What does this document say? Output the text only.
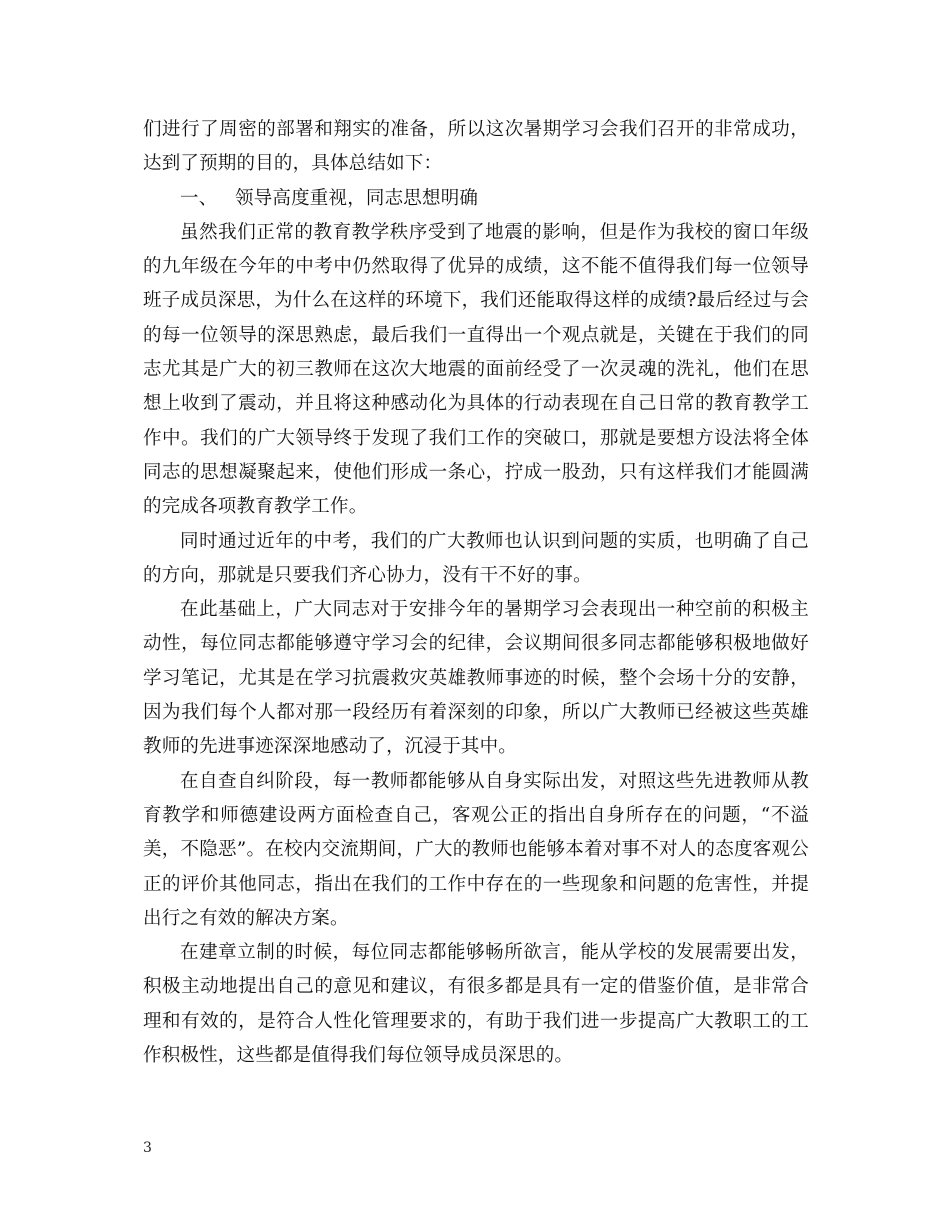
们进行了周密的部署和翔实的准备，所以这次暑期学习会我们召开的非常成功，达到了预期的目的，具体总结如下：

一、 领导高度重视，同志思想明确

虽然我们正常的教育教学秩序受到了地震的影响，但是作为我校的窗口年级的九年级在今年的中考中仍然取得了优异的成绩，这不能不值得我们每一位领导班子成员深思，为什么在这样的环境下，我们还能取得这样的成绩?最后经过与会的每一位领导的深思熟虑，最后我们一直得出一个观点就是，关键在于我们的同志尤其是广大的初三教师在这次大地震的面前经受了一次灵魂的洗礼，他们在思想上收到了震动，并且将这种感动化为具体的行动表现在自己日常的教育教学工作中。我们的广大领导终于发现了我们工作的突破口，那就是要想方设法将全体同志的思想凝聚起来，使他们形成一条心，拧成一股劲，只有这样我们才能圆满的完成各项教育教学工作。

同时通过近年的中考，我们的广大教师也认识到问题的实质，也明确了自己的方向，那就是只要我们齐心协力，没有干不好的事。

在此基础上，广大同志对于安排今年的暑期学习会表现出一种空前的积极主动性，每位同志都能够遵守学习会的纪律，会议期间很多同志都能够积极地做好学习笔记，尤其是在学习抗震救灾英雄教师事迹的时候，整个会场十分的安静，因为我们每个人都对那一段经历有着深刻的印象，所以广大教师已经被这些英雄教师的先进事迹深深地感动了，沉浸于其中。

在自查自纠阶段，每一教师都能够从自身实际出发，对照这些先进教师从教育教学和师德建设两方面检查自己，客观公正的指出自身所存在的问题，“不溢美，不隐恶”。在校内交流期间，广大的教师也能够本着对事不对人的态度客观公正的评价其他同志，指出在我们的工作中存在的一些现象和问题的危害性，并提出行之有效的解决方案。

在建章立制的时候，每位同志都能够畅所欲言，能从学校的发展需要出发，积极主动地提出自己的意见和建议，有很多都是具有一定的借鉴价值，是非常合理和有效的，是符合人性化管理要求的，有助于我们进一步提高广大教职工的工作积极性，这些都是值得我们每位领导成员深思的。

3
